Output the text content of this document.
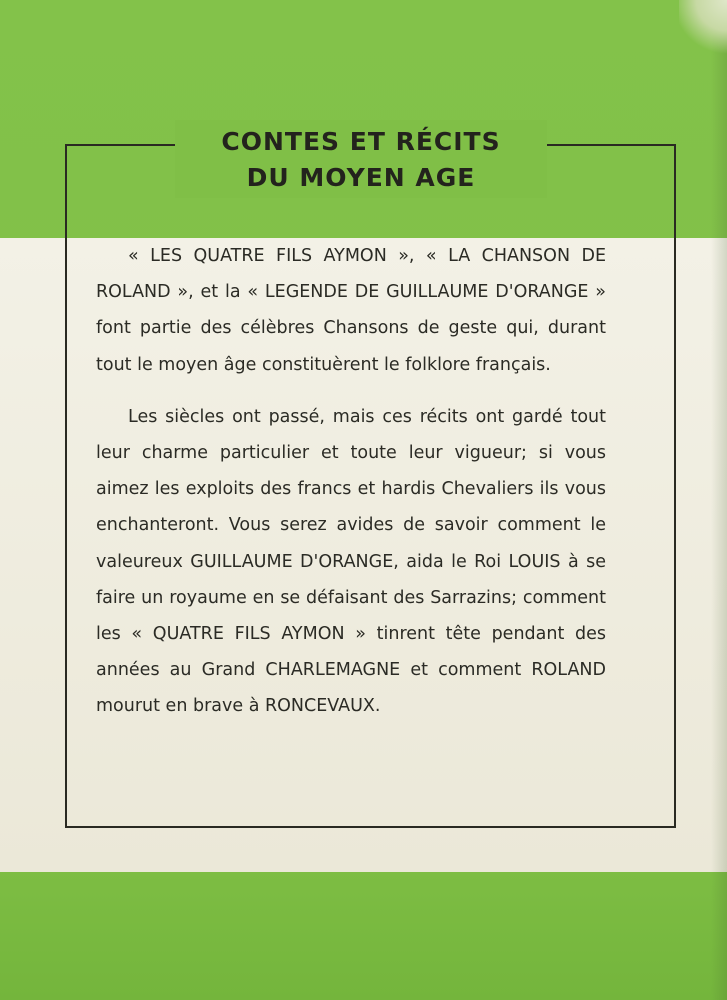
CONTES ET RÉCITS

DU MOYEN AGE

« LES QUATRE FILS AYMON », « LA CHANSON DE ROLAND », et la « LEGENDE DE GUILLAUME D'ORANGE » font partie des célèbres Chansons de geste qui, durant tout le moyen âge constituèrent le folklore français.

Les siècles ont passé, mais ces récits ont gardé tout leur charme particulier et toute leur vigueur; si vous aimez les exploits des francs et hardis Chevaliers ils vous enchanteront. Vous serez avides de savoir comment le valeureux GUILLAUME D'ORANGE, aida le Roi LOUIS à se faire un royaume en se défaisant des Sarrazins; comment les « QUATRE FILS AYMON » tinrent tête pendant des années au Grand CHARLEMAGNE et comment ROLAND mourut en brave à RONCEVAUX.
